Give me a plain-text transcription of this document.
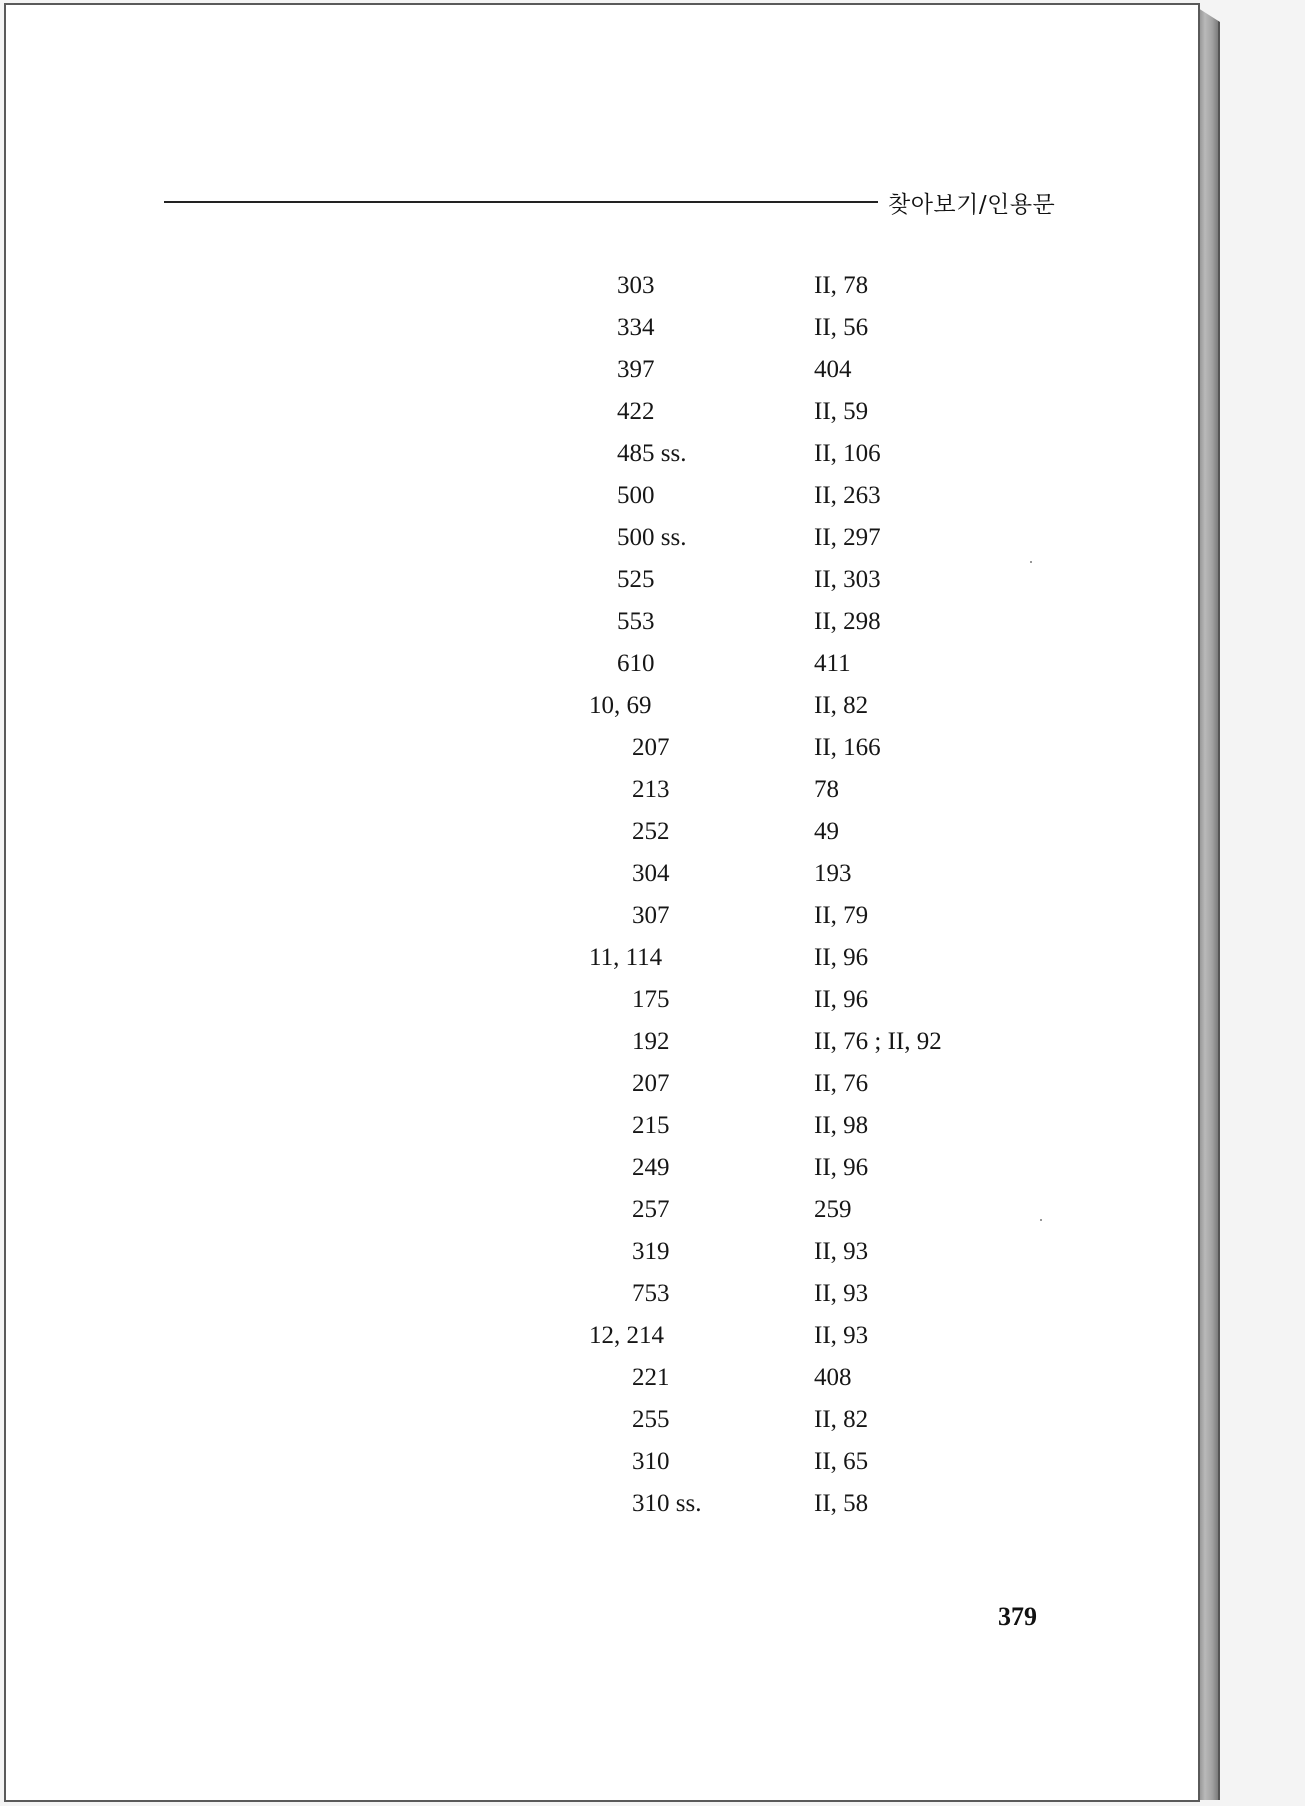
찾아보기/인용문
303	II, 78
334	II, 56
397	404
422	II, 59
485 ss.	II, 106
500	II, 263
500 ss.	II, 297
525	II, 303
553	II, 298
610	411
10, 69	II, 82
207	II, 166
213	78
252	49
304	193
307	II, 79
11, 114	II, 96
175	II, 96
192	II, 76 ; II, 92
207	II, 76
215	II, 98
249	II, 96
257	259
319	II, 93
753	II, 93
12, 214	II, 93
221	408
255	II, 82
310	II, 65
310 ss.	II, 58
379
